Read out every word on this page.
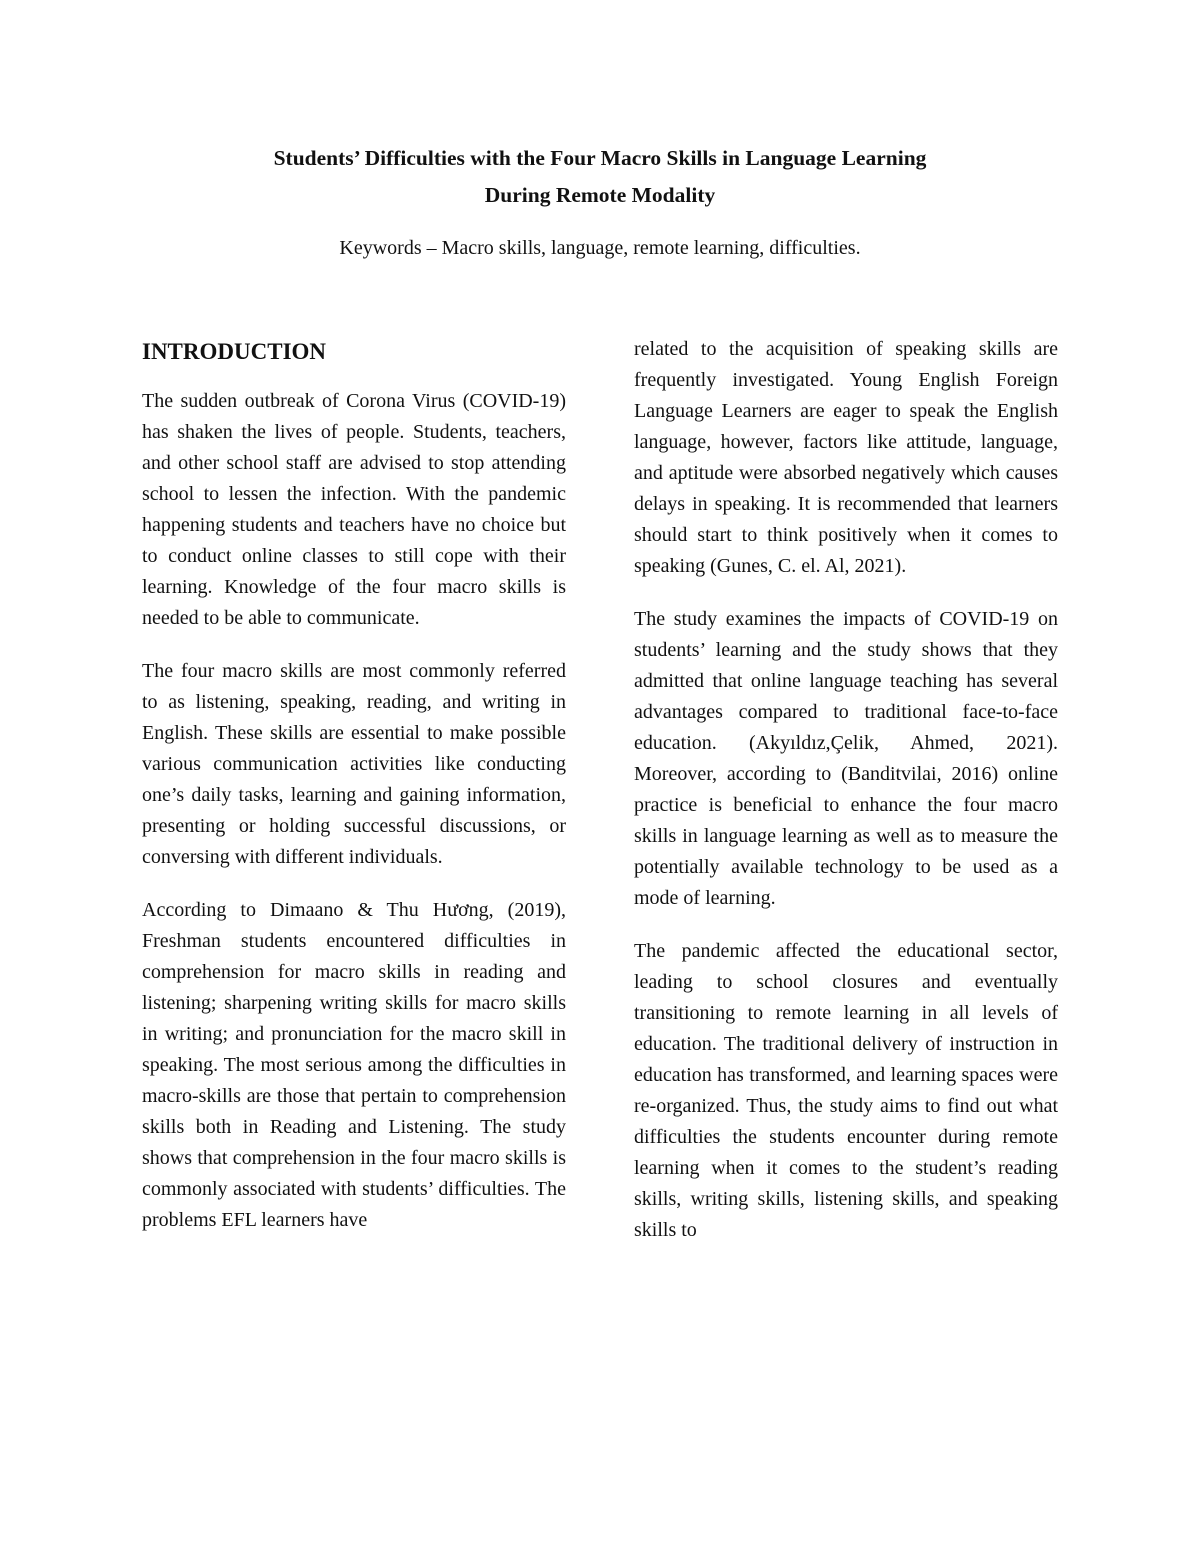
Students’ Difficulties with the Four Macro Skills in Language Learning
During Remote Modality
Keywords – Macro skills, language, remote learning, difficulties.
INTRODUCTION

The sudden outbreak of Corona Virus (COVID-19) has shaken the lives of people. Students, teachers, and other school staff are advised to stop attending school to lessen the infection. With the pandemic happening students and teachers have no choice but to conduct online classes to still cope with their learning. Knowledge of the four macro skills is needed to be able to communicate.

The four macro skills are most commonly referred to as listening, speaking, reading, and writing in English. These skills are essential to make possible various communication activities like conducting one’s daily tasks, learning and gaining information, presenting or holding successful discussions, or conversing with different individuals.

According to Dimaano & Thu Hương, (2019), Freshman students encountered difficulties in comprehension for macro skills in reading and listening; sharpening writing skills for macro skills in writing; and pronunciation for the macro skill in speaking. The most serious among the difficulties in macro-skills are those that pertain to comprehension skills both in Reading and Listening. The study shows that comprehension in the four macro skills is commonly associated with students’ difficulties. The problems EFL learners have

related to the acquisition of speaking skills are frequently investigated. Young English Foreign Language Learners are eager to speak the English language, however, factors like attitude, language, and aptitude were absorbed negatively which causes delays in speaking. It is recommended that learners should start to think positively when it comes to speaking (Gunes, C. el. Al, 2021).

The study examines the impacts of COVID-19 on students’ learning and the study shows that they admitted that online language teaching has several advantages compared to traditional face-to-face education. (Akyıldız,Çelik, Ahmed, 2021). Moreover, according to (Banditvilai, 2016) online practice is beneficial to enhance the four macro skills in language learning as well as to measure the potentially available technology to be used as a mode of learning.

The pandemic affected the educational sector, leading to school closures and eventually transitioning to remote learning in all levels of education. The traditional delivery of instruction in education has transformed, and learning spaces were re-organized. Thus, the study aims to find out what difficulties the students encounter during remote learning when it comes to the student’s reading skills, writing skills, listening skills, and speaking skills to
